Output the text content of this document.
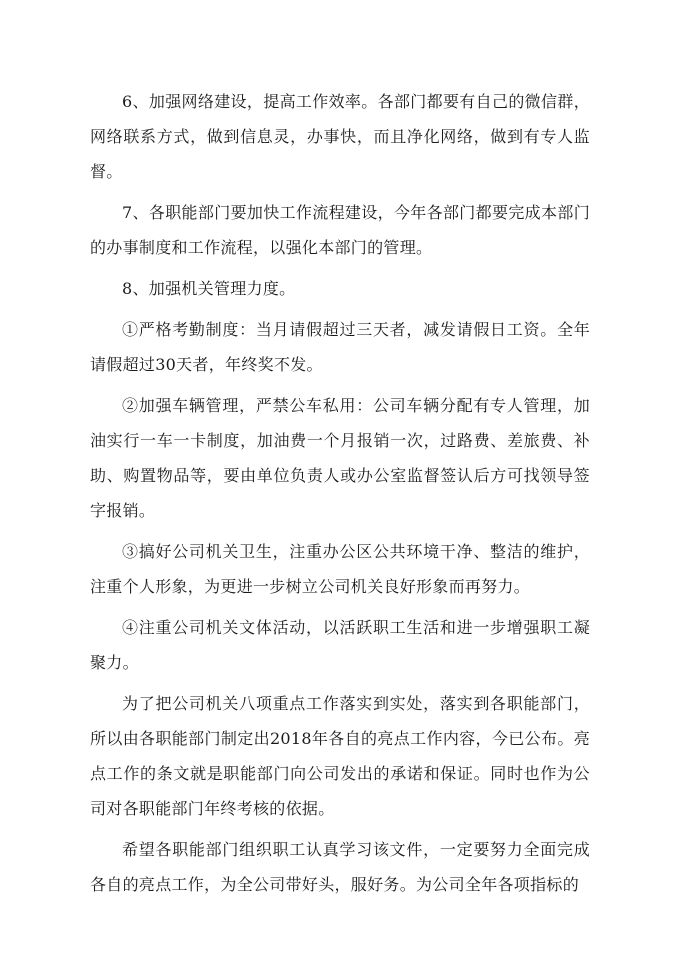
6、加强网络建设，提高工作效率。各部门都要有自己的微信群，网络联系方式，做到信息灵，办事快，而且净化网络，做到有专人监督。

7、各职能部门要加快工作流程建设，今年各部门都要完成本部门的办事制度和工作流程，以强化本部门的管理。

8、加强机关管理力度。

①严格考勤制度：当月请假超过三天者，减发请假日工资。全年请假超过30天者，年终奖不发。

②加强车辆管理，严禁公车私用：公司车辆分配有专人管理，加油实行一车一卡制度，加油费一个月报销一次，过路费、差旅费、补助、购置物品等，要由单位负责人或办公室监督签认后方可找领导签字报销。

③搞好公司机关卫生，注重办公区公共环境干净、整洁的维护，注重个人形象，为更进一步树立公司机关良好形象而再努力。

④注重公司机关文体活动，以活跃职工生活和进一步增强职工凝聚力。

为了把公司机关八项重点工作落实到实处，落实到各职能部门，所以由各职能部门制定出2018年各自的亮点工作内容，今已公布。亮点工作的条文就是职能部门向公司发出的承诺和保证。同时也作为公司对各职能部门年终考核的依据。

希望各职能部门组织职工认真学习该文件，一定要努力全面完成各自的亮点工作，为全公司带好头，服好务。为公司全年各项指标的
